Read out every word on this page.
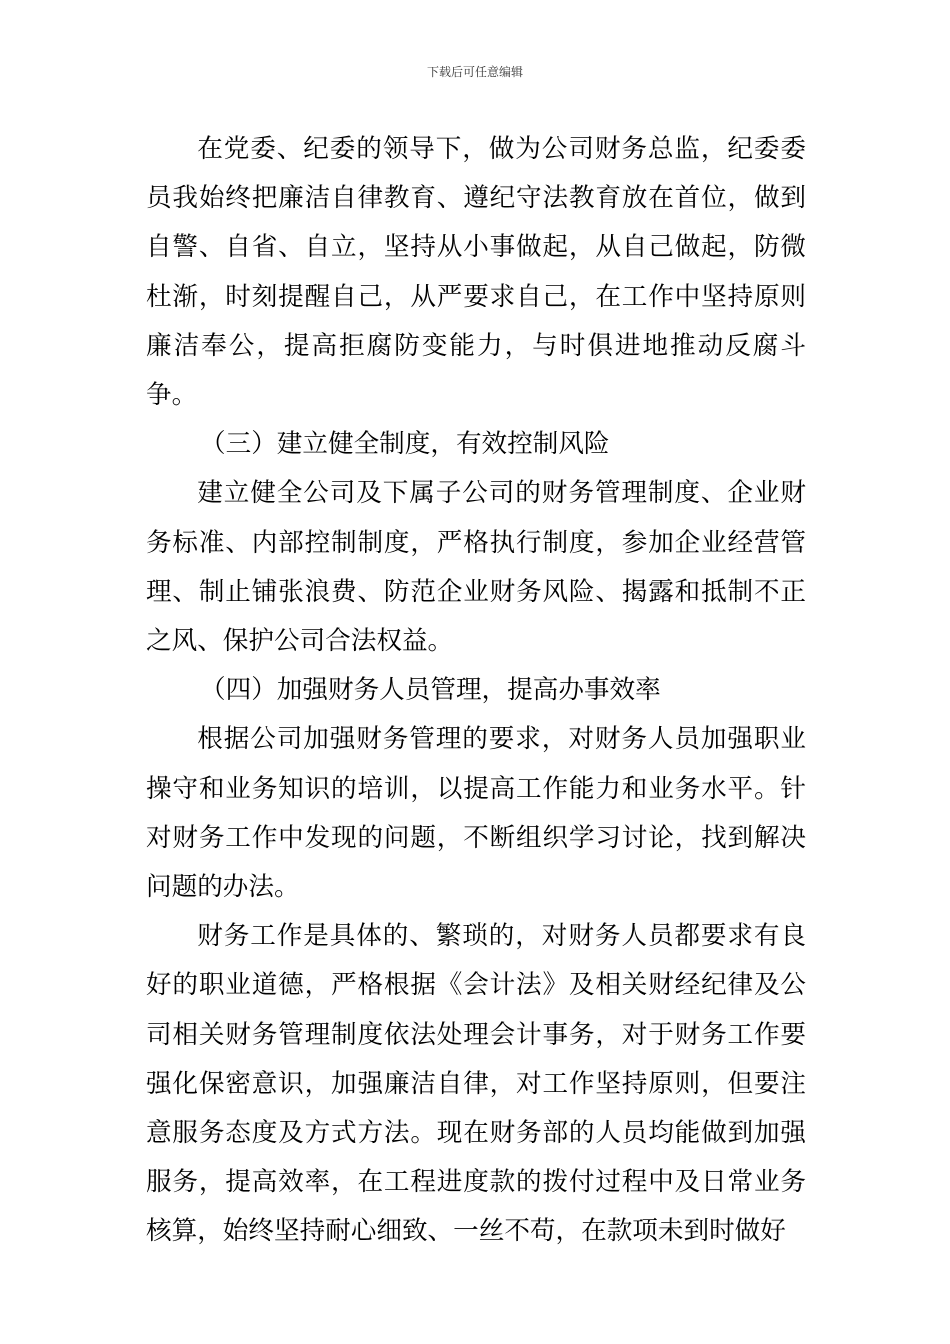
下载后可任意编辑

在党委、纪委的领导下，做为公司财务总监，纪委委员我始终把廉洁自律教育、遵纪守法教育放在首位，做到自警、自省、自立，坚持从小事做起，从自己做起，防微杜渐，时刻提醒自己，从严要求自己，在工作中坚持原则廉洁奉公，提高拒腐防变能力，与时俱进地推动反腐斗争。

（三）建立健全制度，有效控制风险

建立健全公司及下属子公司的财务管理制度、企业财务标准、内部控制制度，严格执行制度，参加企业经营管理、制止铺张浪费、防范企业财务风险、揭露和抵制不正之风、保护公司合法权益。

（四）加强财务人员管理，提高办事效率

根据公司加强财务管理的要求，对财务人员加强职业操守和业务知识的培训，以提高工作能力和业务水平。针对财务工作中发现的问题，不断组织学习讨论，找到解决问题的办法。

财务工作是具体的、繁琐的，对财务人员都要求有良好的职业道德，严格根据《会计法》及相关财经纪律及公司相关财务管理制度依法处理会计事务，对于财务工作要强化保密意识，加强廉洁自律，对工作坚持原则，但要注意服务态度及方式方法。现在财务部的人员均能做到加强服务，提高效率，在工程进度款的拨付过程中及日常业务核算，始终坚持耐心细致、一丝不苟，在款项未到时做好
